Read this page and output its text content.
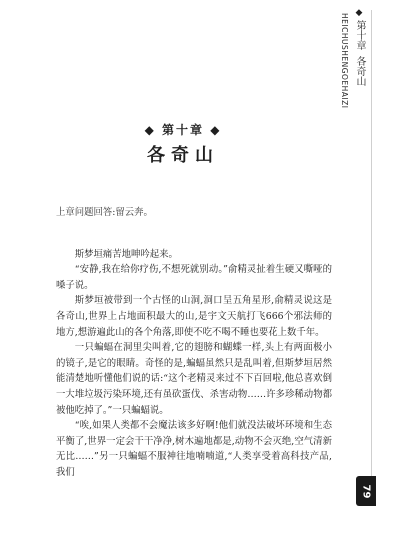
◆
第十章
各奇山
HEICHUSHENGOEHAIZI
◆ 第十章 ◆
各奇山

上章问题回答:留云奔。

斯梦垣痛苦地呻吟起来。

“安静,我在给你疗伤,不想死就别动。”俞精灵扯着生硬又嘶哑的嗓子说。

斯梦垣被带到一个古怪的山洞,洞口呈五角星形,俞精灵说这是各奇山,世界上占地面积最大的山,是宇文天航打飞666个邪法师的地方,想游遍此山的各个角落,即使不吃不喝不睡也要花上数千年。

一只蝙蝠在洞里尖叫着,它的翅膀和蝴蝶一样,头上有两面极小的镜子,是它的眼睛。奇怪的是,蝙蝠虽然只是乱叫着,但斯梦垣居然能清楚地听懂他们说的话:“这个老精灵来过不下百回啦,他总喜欢倒一大堆垃圾污染环境,还有虽砍蛋伐、杀害动物……许多珍稀动物都被他吃掉了。”一只蝙蝠说。

“唉,如果人类都不会魔法该多好啊!他们就没法破坏环境和生态平衡了,世界一定会干干净净,树木遍地都是,动物不会灭绝,空气清新无比……”另一只蝙蝠不服神往地喃喃道,“人类享受着高科技产品,我们

79
